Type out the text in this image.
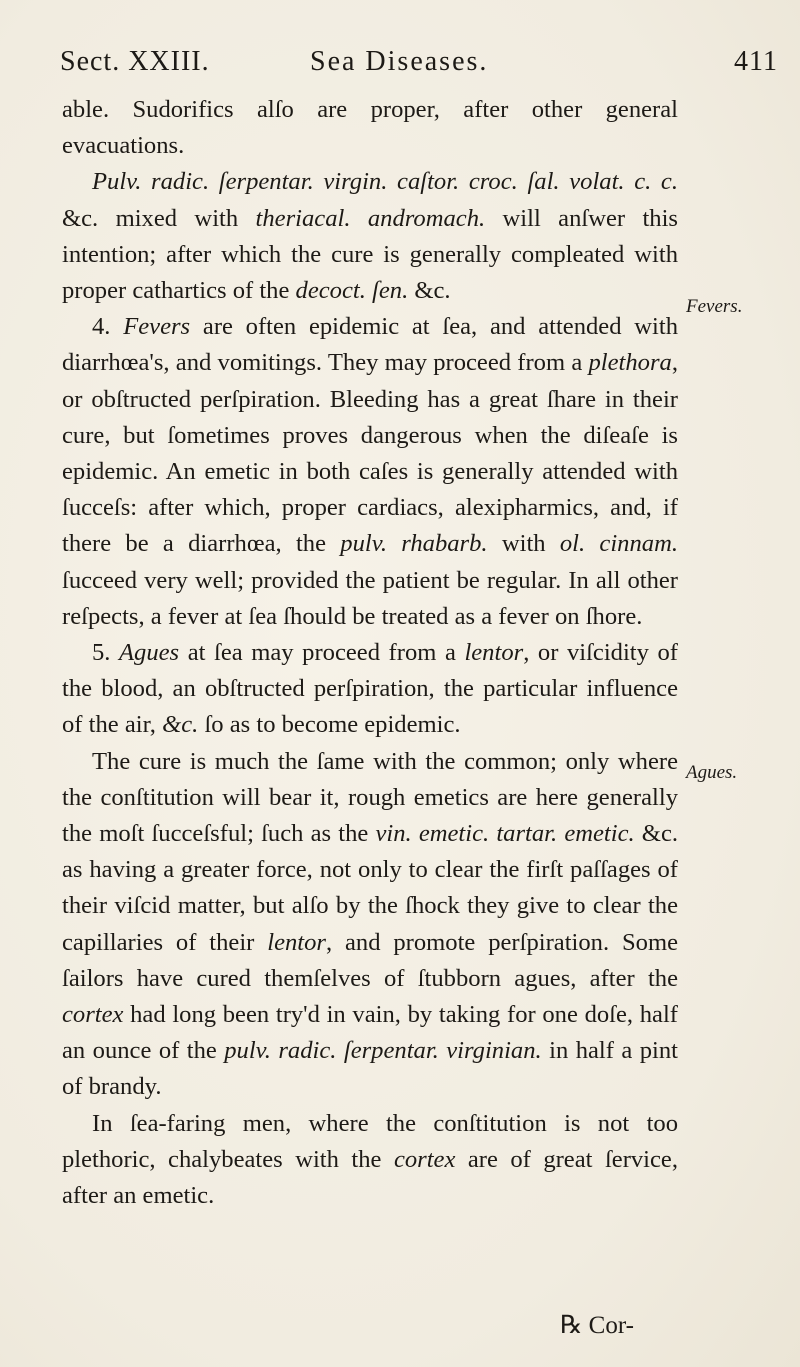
Sect. XXIII.	Sea Diseases.	411

able. Sudorifics alſo are proper, after other general evacuations.

Pulv. radic. ſerpentar. virgin. caſtor. croc. ſal. volat. c. c. &c. mixed with theriacal. andromach. will anſwer this intention; after which the cure is generally compleated with proper cathartics of the decoct. ſen. &c.

4. Fevers are often epidemic at ſea, and attended with diarrhœa's, and vomitings. They may proceed from a plethora, or obſtructed perſpiration. Bleeding has a great ſhare in their cure, but ſometimes proves dangerous when the diſeaſe is epidemic. An emetic in both caſes is generally attended with ſucceſs: after which, proper cardiacs, alexipharmics, and, if there be a diarrhœa, the pulv. rhabarb. with ol. cinnam. ſucceed very well; provided the patient be regular. In all other reſpects, a fever at ſea ſhould be treated as a fever on ſhore.

5. Agues at ſea may proceed from a lentor, or viſcidity of the blood, an obſtructed perſpiration, the particular influence of the air, &c. ſo as to become epidemic.

The cure is much the ſame with the common; only where the conſtitution will bear it, rough emetics are here generally the moſt ſucceſsful; ſuch as the vin. emetic. tartar. emetic. &c. as having a greater force, not only to clear the firſt paſſages of their viſcid matter, but alſo by the ſhock they give to clear the capillaries of their lentor, and promote perſpiration. Some ſailors have cured themſelves of ſtubborn agues, after the cortex had long been try'd in vain, by taking for one doſe, half an ounce of the pulv. radic. ſerpentar. virginian. in half a pint of brandy.

In ſea-faring men, where the conſtitution is not too plethoric, chalybeates with the cortex are of great ſervice, after an emetic.

Fevers.
Agues.
℞ Cor-
